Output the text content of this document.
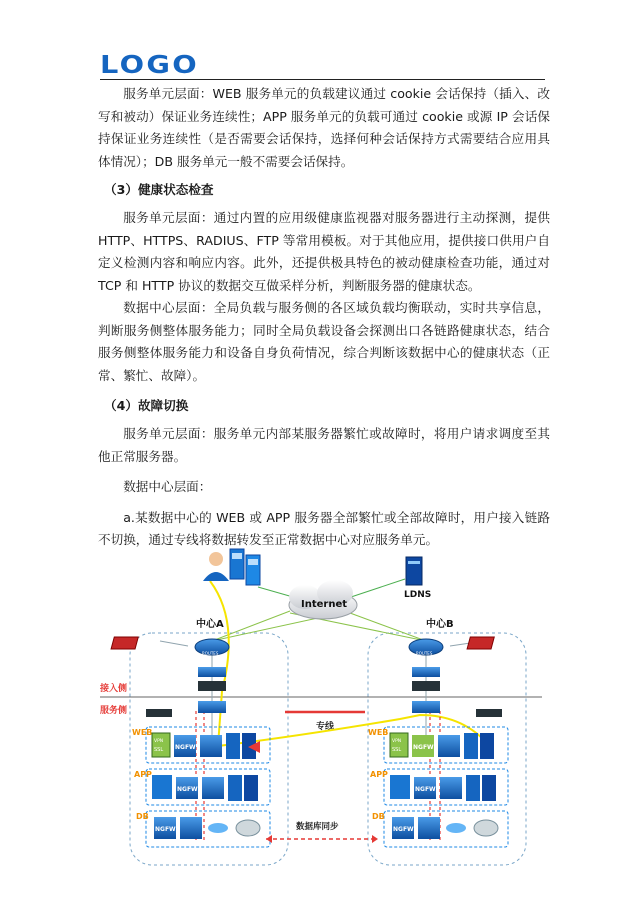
LOGO

服务单元层面：WEB 服务单元的负载建议通过 cookie 会话保持（插入、改写和被动）保证业务连续性；APP 服务单元的负载可通过 cookie 或源 IP 会话保持保证业务连续性（是否需要会话保持，选择何种会话保持方式需要结合应用具体情况）；DB 服务单元一般不需要会话保持。

（3）健康状态检查

服务单元层面：通过内置的应用级健康监视器对服务器进行主动探测，提供 HTTP、HTTPS、RADIUS、FTP 等常用模板。对于其他应用，提供接口供用户自定义检测内容和响应内容。此外，还提供极具特色的被动健康检查功能，通过对 TCP 和 HTTP 协议的数据交互做采样分析，判断服务器的健康状态。

数据中心层面：全局负载与服务侧的各区域负载均衡联动，实时共享信息，判断服务侧整体服务能力；同时全局负载设备会探测出口各链路健康状态，结合服务侧整体服务能力和设备自身负荷情况，综合判断该数据中心的健康状态（正常、繁忙、故障）。

（4）故障切换

服务单元层面：服务单元内部某服务器繁忙或故障时，将用户请求调度至其他正常服务器。

数据中心层面：

a.某数据中心的 WEB 或 APP 服务器全部繁忙或全部故障时，用户接入链路不切换，通过专线将数据转发至正常数据中心对应服务单元。

专线
WEB
APP
DB
WEB
APP
DB
接入侧
服务侧
Internet
LDNS
中心A	中心B
ROUTES	ROUTES
VPN
SSL NGFW
NGFW
NGFW
VPN
SSL NGFW
NGFW
NGFW
数据库同步
